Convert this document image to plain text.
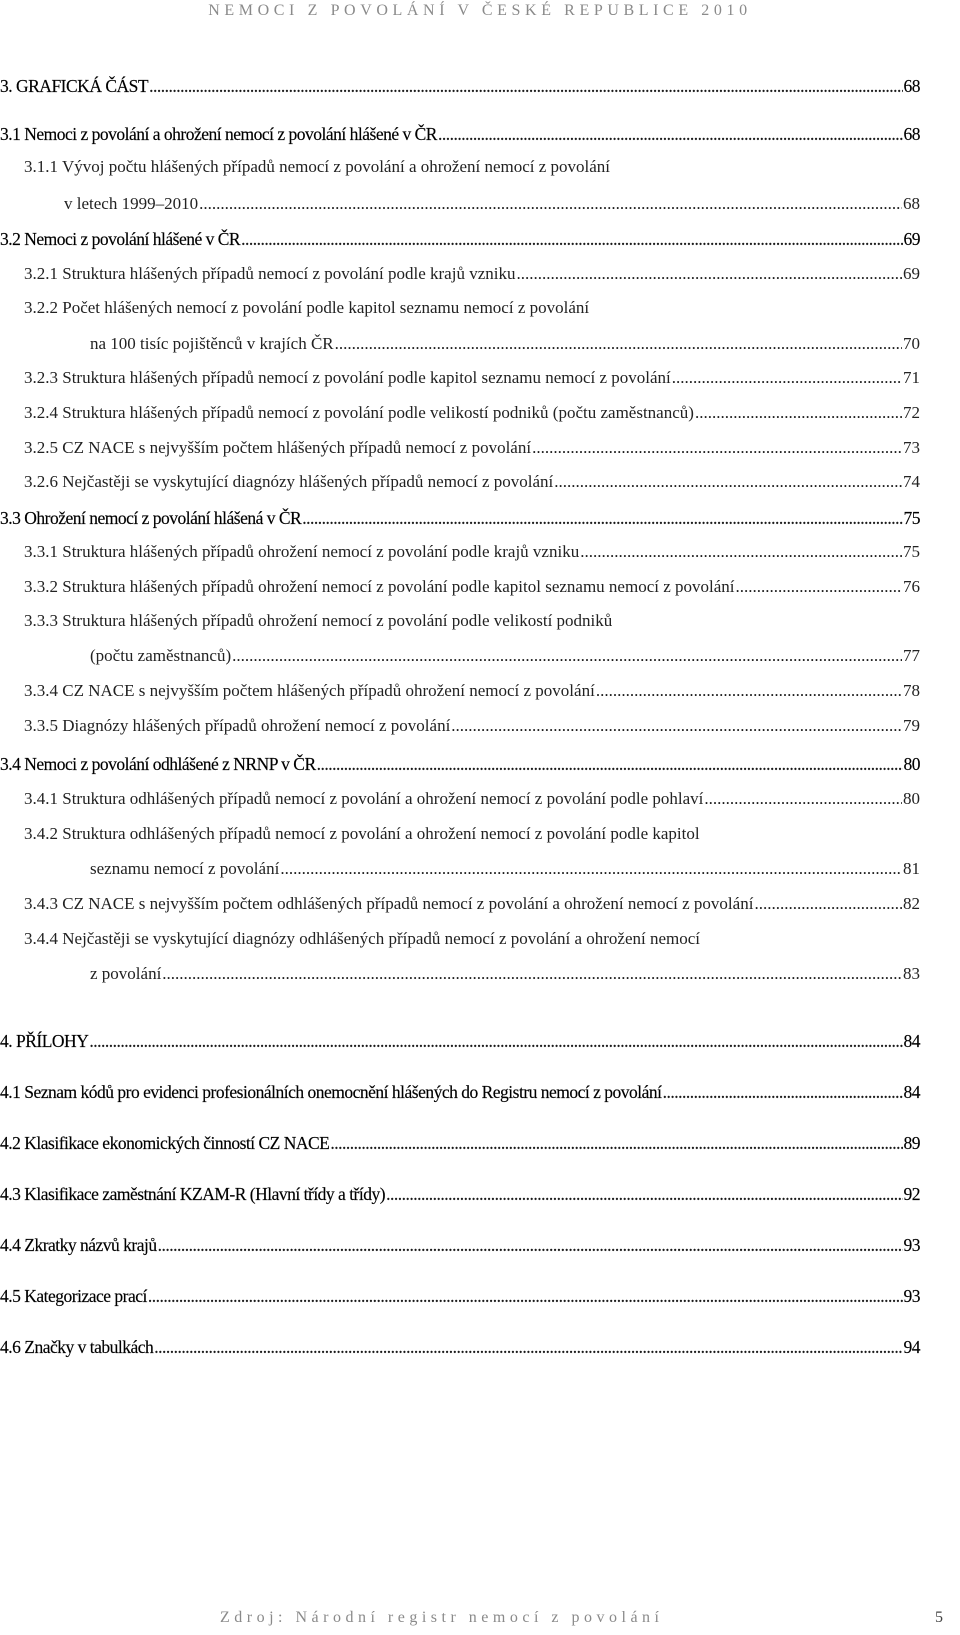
NEMOCI Z POVOLÁNÍ V ČESKÉ REPUBLICE 2010
3. GRAFICKÁ ČÁST .....	68
3.1 Nemoci z povolání a ohrožení nemocí z povolání hlášené v ČR .....	68
3.1.1 Vývoj počtu hlášených případů nemocí z povolání a ohrožení nemocí z povolání
v letech 1999–2010 .....	68
3.2 Nemoci z povolání hlášené v ČR .....	69
3.2.1 Struktura hlášených případů nemocí z povolání podle krajů vzniku .....	69
3.2.2 Počet hlášených nemocí z povolání podle kapitol seznamu nemocí z povolání
na 100 tisíc pojištěnců v krajích ČR .....	70
3.2.3 Struktura hlášených případů nemocí z povolání podle kapitol seznamu nemocí z povolání .....	71
3.2.4 Struktura hlášených případů nemocí z povolání podle velikostí podniků (počtu zaměstnanců) .....	72
3.2.5 CZ NACE s nejvyšším počtem hlášených případů nemocí z povolání .....	73
3.2.6 Nejčastěji se vyskytující diagnózy hlášených případů nemocí z povolání .....	74
3.3 Ohrožení nemocí z povolání hlášená v ČR .....	75
3.3.1 Struktura hlášených případů ohrožení nemocí z povolání podle krajů vzniku .....	75
3.3.2 Struktura hlášených případů ohrožení nemocí z povolání podle kapitol seznamu nemocí z povolání .....	76
3.3.3 Struktura hlášených případů ohrožení nemocí z povolání podle velikostí podniků
(počtu zaměstnanců) .....	77
3.3.4 CZ NACE s nejvyšším počtem hlášených případů ohrožení nemocí z povolání .....	78
3.3.5 Diagnózy hlášených případů ohrožení nemocí z povolání .....	79
3.4 Nemoci z povolání odhlášené z NRNP v ČR .....	80
3.4.1 Struktura odhlášených případů nemocí z povolání a ohrožení nemocí z povolání podle pohlaví .....	80
3.4.2 Struktura odhlášených případů nemocí z povolání a ohrožení nemocí z povolání podle kapitol
seznamu nemocí z povolání .....	81
3.4.3 CZ NACE s nejvyšším počtem odhlášených případů nemocí z povolání a ohrožení nemocí z povolání .....	82
3.4.4 Nejčastěji se vyskytující diagnózy odhlášených případů nemocí z povolání a ohrožení nemocí
z povolání .....	83
4. PŘÍLOHY .....	84
4.1 Seznam kódů pro evidenci profesionálních onemocnění hlášených do Registru nemocí z povolání .....	84
4.2 Klasifikace ekonomických činností CZ NACE .....	89
4.3 Klasifikace zaměstnání KZAM-R (Hlavní třídy a třídy) .....	92
4.4 Zkratky názvů krajů .....	93
4.5 Kategorizace prací .....	93
4.6 Značky v tabulkách .....	94
Zdroj: Národní registr nemocí z povolání	5
